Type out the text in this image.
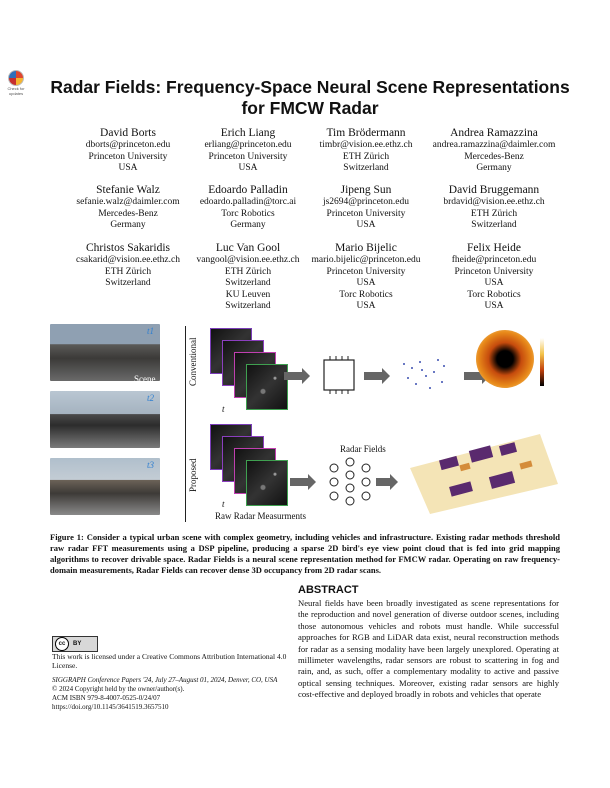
Check for
updates	Radar Fields: Frequency-Space Neural Scene Representations for FMCW Radar
David Borts
dborts@princeton.edu
Princeton University
USA
Erich Liang
erliang@princeton.edu
Princeton University
USA
Tim Brödermann
timbr@vision.ee.ethz.ch
ETH Zürich
Switzerland
Andrea Ramazzina
andrea.ramazzina@daimler.com
Mercedes-Benz
Germany
Stefanie Walz
sefanie.walz@daimler.com
Mercedes-Benz
Germany
Edoardo Palladin
edoardo.palladin@torc.ai
Torc Robotics
Germany
Jipeng Sun
js2694@princeton.edu
Princeton University
USA
David Bruggemann
brdavid@vision.ee.ethz.ch
ETH Zürich
Switzerland
Christos Sakaridis
csakarid@vision.ee.ethz.ch
ETH Zürich
Switzerland
Luc Van Gool
vangool@vision.ee.ethz.ch
ETH Zürich
Switzerland
KU Leuven
Switzerland
Mario Bijelic
mario.bijelic@princeton.edu
Princeton University
USA
Torc Robotics
USA
Felix Heide
fheide@princeton.edu
Princeton University
USA
Torc Robotics
USA
t1
t2
t3
Scene	Conventional
t
Proposed
t
Raw Radar Measurments
Radar Fields
Figure 1: Consider a typical urban scene with complex geometry, including vehicles and infrastructure. Existing radar methods threshold raw radar FFT measurements using a DSP pipeline, producing a sparse 2D bird's eye view point cloud that is fed into grid mapping algorithms to recover drivable space. Radar Fields is a neural scene representation method for FMCW radar. Operating on raw frequency-domain measurements, Radar Fields can recover dense 3D occupancy from 2D radar scans.
ABSTRACT
Neural fields have been broadly investigated as scene representations for the reproduction and novel generation of diverse outdoor scenes, including those autonomous vehicles and robots must handle. While successful approaches for RGB and LiDAR data exist, neural reconstruction methods for radar as a sensing modality have been largely unexplored. Operating at millimeter wavelengths, radar sensors are robust to scattering in fog and rain, and, as such, offer a complementary modality to active and passive optical sensing techniques. Moreover, existing radar sensors are highly cost-effective and deployed broadly in robots and vehicles that operate
cc	BY
This work is licensed under a Creative Commons Attribution International 4.0 License.
SIGGRAPH Conference Papers '24, July 27–August 01, 2024, Denver, CO, USA
© 2024 Copyright held by the owner/author(s).
ACM ISBN 979-8-4007-0525-0/24/07
https://doi.org/10.1145/3641519.3657510
